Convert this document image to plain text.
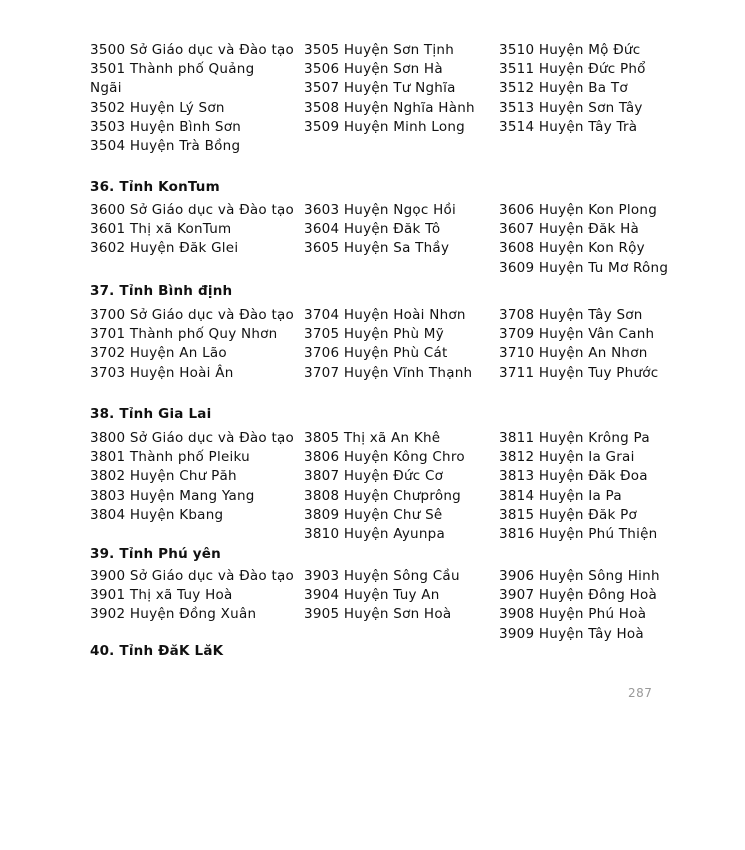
3500 Sở Giáo dục và Đào tạo
3501 Thành phố Quảng Ngãi
3502 Huyện Lý Sơn
3503 Huyện Bình Sơn
3504 Huyện Trà Bồng
3505 Huyện Sơn Tịnh
3506 Huyện Sơn Hà
3507 Huyện Tư Nghĩa
3508 Huyện Nghĩa Hành
3509 Huyện Minh Long
3510 Huyện Mộ Đức
3511 Huyện Đức Phổ
3512 Huyện Ba Tơ
3513 Huyện Sơn Tây
3514 Huyện Tây Trà
36. Tỉnh KonTum
3600 Sở Giáo dục và Đào tạo
3601 Thị xã KonTum
3602 Huyện Đăk Glei
3603 Huyện Ngọc Hồi
3604 Huyện Đăk Tô
3605 Huyện Sa Thầy
3606 Huyện Kon Plong
3607 Huyện Đăk Hà
3608 Huyện Kon Rộy
3609 Huyện Tu Mơ Rông
37. Tỉnh Bình định
3700 Sở Giáo dục và Đào tạo
3701 Thành phố Quy Nhơn
3702 Huyện An Lão
3703 Huyện Hoài Ân
3704 Huyện Hoài Nhơn
3705 Huyện Phù Mỹ
3706 Huyện Phù Cát
3707 Huyện Vĩnh Thạnh
3708 Huyện Tây Sơn
3709 Huyện Vân Canh
3710 Huyện An Nhơn
3711 Huyện Tuy Phước
38. Tỉnh Gia Lai
3800 Sở Giáo dục và Đào tạo
3801 Thành phố Pleiku
3802 Huyện Chư Păh
3803 Huyện Mang Yang
3804 Huyện Kbang
3805 Thị xã An Khê
3806 Huyện Kông Chro
3807 Huyện Đức Cơ
3808 Huyện Chưprông
3809 Huyện Chư Sê
3810 Huyện Ayunpa
3811 Huyện Krông Pa
3812 Huyện Ia Grai
3813 Huyện Đăk Đoa
3814 Huyện Ia Pa
3815 Huyện Đăk Pơ
3816 Huyện Phú Thiện
39. Tỉnh Phú yên
3900 Sở Giáo dục và Đào tạo
3901 Thị xã Tuy Hoà
3902 Huyện Đồng Xuân
3903 Huyện Sông Cầu
3904 Huyện Tuy An
3905 Huyện Sơn Hoà
3906 Huyện Sông Hinh
3907 Huyện Đông Hoà
3908 Huyện Phú Hoà
3909 Huyện Tây Hoà
40. Tỉnh ĐăK LăK
287
